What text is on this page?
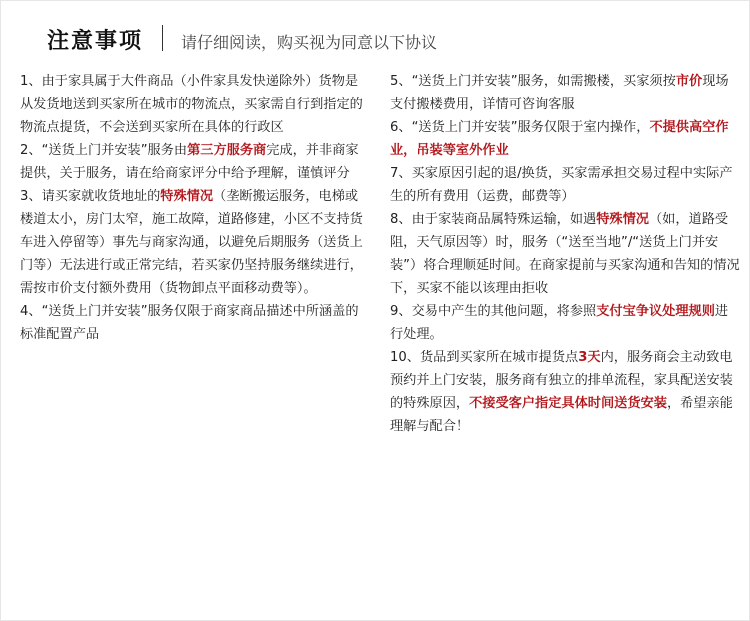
注意事项 请仔细阅读，购买视为同意以下协议

1、由于家具属于大件商品（小件家具发快递除外）货物是从发货地送到买家所在城市的物流点，买家需自行到指定的物流点提货，不会送到买家所在具体的行政区

2、“送货上门并安装”服务由第三方服务商完成，并非商家提供，关于服务，请在给商家评分中给予理解，谨慎评分

3、请买家就收货地址的特殊情况（垄断搬运服务，电梯或楼道太小，房门太窄，施工故障，道路修建，小区不支持货车进入停留等）事先与商家沟通，以避免后期服务（送货上门等）无法进行或正常完结，若买家仍坚持服务继续进行，需按市价支付额外费用（货物卸点平面移动费等）。

4、“送货上门并安装”服务仅限于商家商品描述中所涵盖的标准配置产品

5、“送货上门并安装”服务，如需搬楼，买家须按市价现场支付搬楼费用，详情可咨询客服

6、“送货上门并安装”服务仅限于室内操作，不提供高空作业，吊装等室外作业

7、买家原因引起的退/换货，买家需承担交易过程中实际产生的所有费用（运费，邮费等）

8、由于家装商品属特殊运输，如遇特殊情况（如，道路受阻，天气原因等）时，服务（“送至当地”/“送货上门并安装”）将合理顺延时间。在商家提前与买家沟通和告知的情况下，买家不能以该理由拒收

9、交易中产生的其他问题，将参照支付宝争议处理规则进行处理。

10、货品到买家所在城市提货点3天内，服务商会主动致电预约并上门安装，服务商有独立的排单流程，家具配送安装的特殊原因，不接受客户指定具体时间送货安装，希望亲能理解与配合！
